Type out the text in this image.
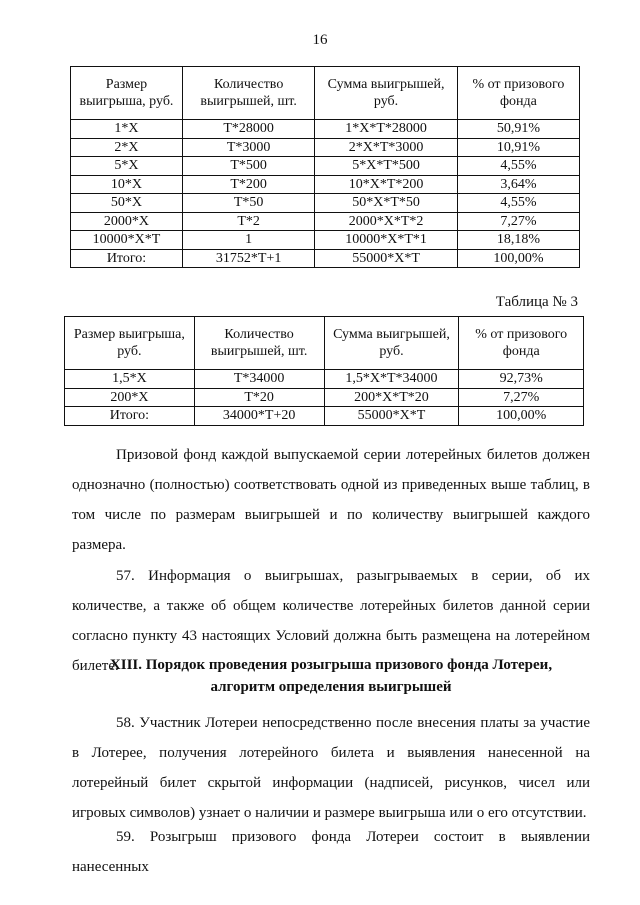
16
Размер выигрыша, руб.	Количество выигрышей, шт.	Сумма выигрышей, руб.	% от призового фонда
1*X	T*28000	1*X*T*28000	50,91%
2*X	T*3000	2*X*T*3000	10,91%
5*X	T*500	5*X*T*500	4,55%
10*X	T*200	10*X*T*200	3,64%
50*X	T*50	50*X*T*50	4,55%
2000*X	T*2	2000*X*T*2	7,27%
10000*X*T	1	10000*X*T*1	18,18%
Итого:	31752*T+1	55000*X*T	100,00%
Таблица № 3
Размер выигрыша, руб.	Количество выигрышей, шт.	Сумма выигрышей, руб.	% от призового фонда
1,5*X	T*34000	1,5*X*T*34000	92,73%
200*X	T*20	200*X*T*20	7,27%
Итого:	34000*T+20	55000*X*T	100,00%

Призовой фонд каждой выпускаемой серии лотерейных билетов должен однозначно (полностью) соответствовать одной из приведенных выше таблиц, в том числе по размерам выигрышей и по количеству выигрышей каждого размера.

57. Информация о выигрышах, разыгрываемых в серии, об их количестве, а также об общем количестве лотерейных билетов данной серии согласно пункту 43 настоящих Условий должна быть размещена на лотерейном билете.

XIII. Порядок проведения розыгрыша призового фонда Лотереи,
алгоритм определения выигрышей

58. Участник Лотереи непосредственно после внесения платы за участие в Лотерее, получения лотерейного билета и выявления нанесенной на лотерейный билет скрытой информации (надписей, рисунков, чисел или игровых символов) узнает о наличии и размере выигрыша или о его отсутствии.

59. Розыгрыш призового фонда Лотереи состоит в выявлении нанесенных
